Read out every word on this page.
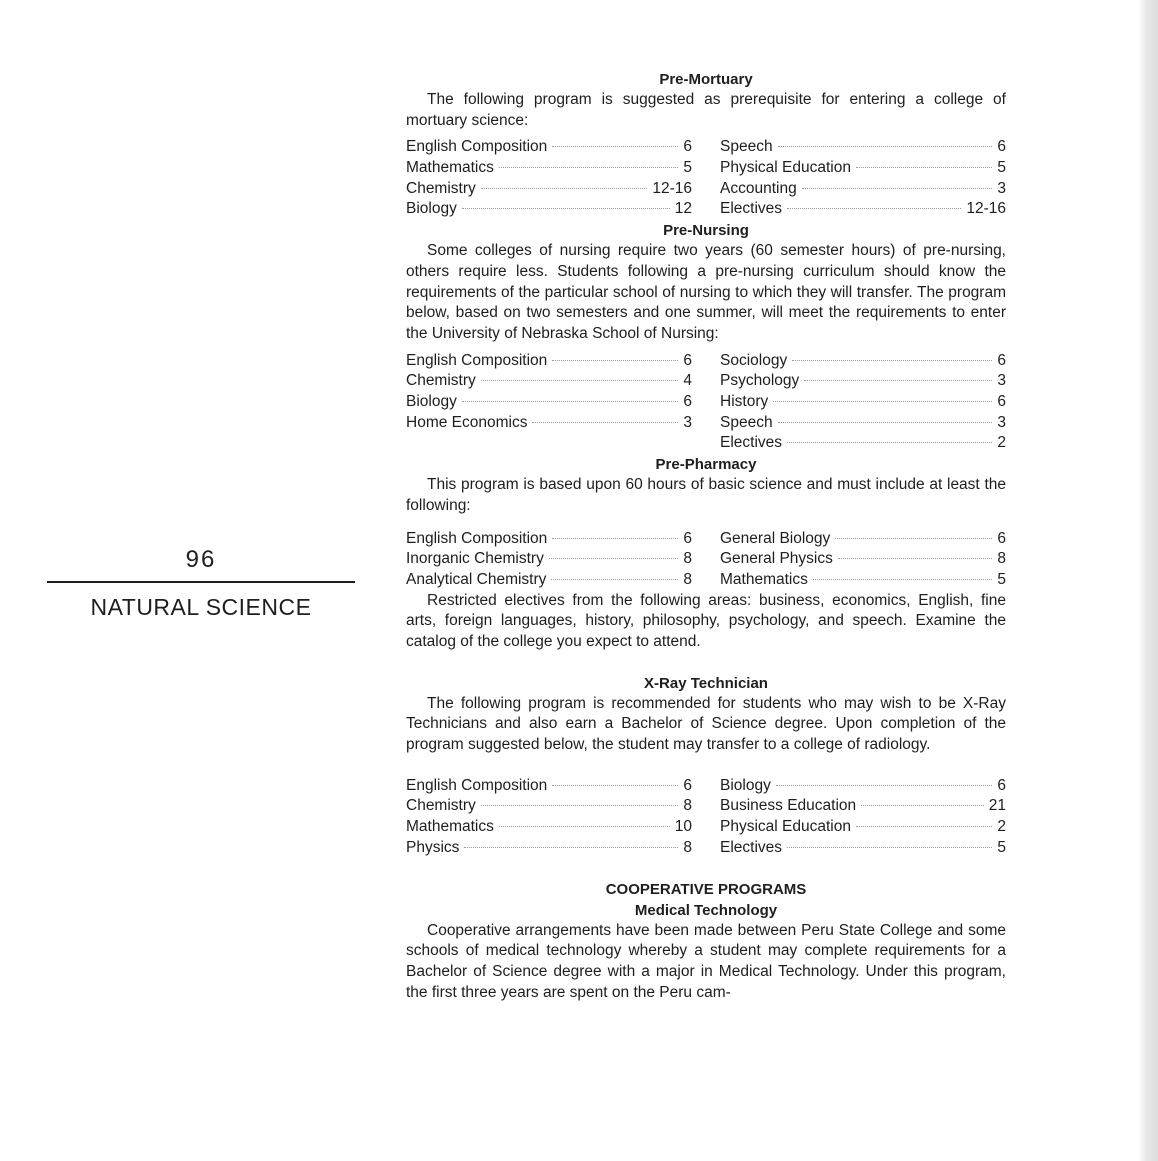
96
NATURAL SCIENCE
Pre-Mortuary

The following program is suggested as prerequisite for entering a college of mortuary science:

English Composition	6
Mathematics	5
Chemistry	12-16
Biology	12
Speech	6
Physical Education	5
Accounting	3
Electives	12-16
Pre-Nursing

Some colleges of nursing require two years (60 semester hours) of pre-nursing, others require less. Students following a pre-nursing curriculum should know the requirements of the particular school of nursing to which they will transfer. The program below, based on two semesters and one summer, will meet the requirements to enter the University of Nebraska School of Nursing:

English Composition	6
Chemistry	4
Biology	6
Home Economics	3
Sociology	6
Psychology	3
History	6
Speech	3
Electives	2
Pre-Pharmacy

This program is based upon 60 hours of basic science and must include at least the following:

English Composition	6
Inorganic Chemistry	8
Analytical Chemistry	8
General Biology	6
General Physics	8
Mathematics	5

Restricted electives from the following areas: business, economics, English, fine arts, foreign languages, history, philosophy, psychology, and speech. Examine the catalog of the college you expect to attend.

X-Ray Technician

The following program is recommended for students who may wish to be X-Ray Technicians and also earn a Bachelor of Science degree. Upon completion of the program suggested below, the student may transfer to a college of radiology.

English Composition	6
Chemistry	8
Mathematics	10
Physics	8
Biology	6
Business Education	21
Physical Education	2
Electives	5
COOPERATIVE PROGRAMS
Medical Technology

Cooperative arrangements have been made between Peru State College and some schools of medical technology whereby a student may complete requirements for a Bachelor of Science degree with a major in Medical Technology. Under this program, the first three years are spent on the Peru cam-
